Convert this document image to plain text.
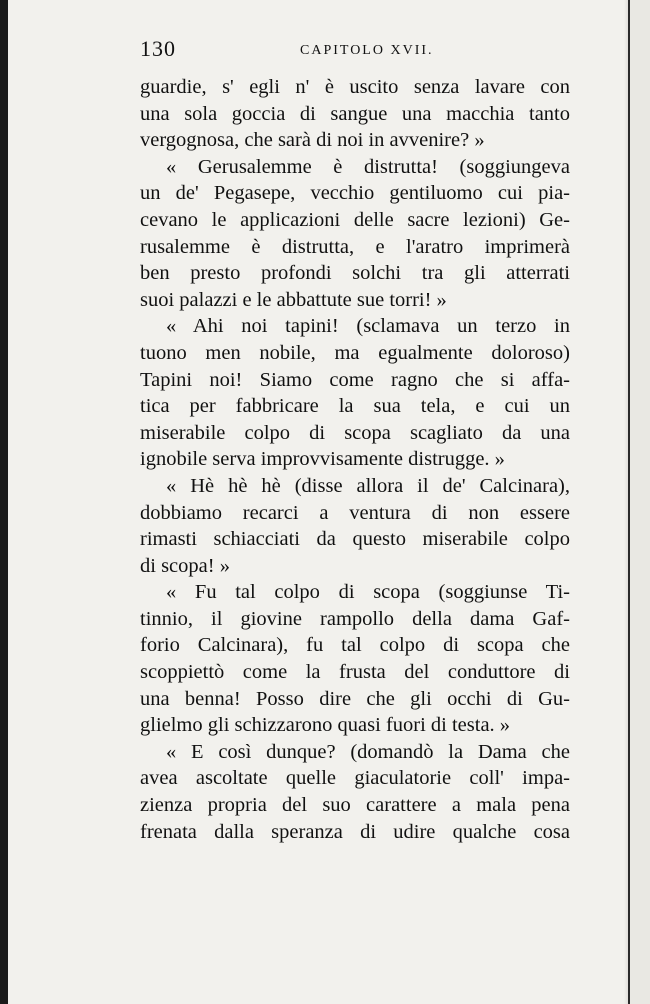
130	CAPITOLO XVII.
guardie, s' egli n' è uscito senza lavare con
una sola goccia di sangue una macchia tanto
vergognosa, che sarà di noi in avvenire? »
« Gerusalemme è distrutta! (soggiungeva
un de' Pegasepe, vecchio gentiluomo cui pia-
cevano le applicazioni delle sacre lezioni) Ge-
rusalemme è distrutta, e l'aratro imprimerà
ben presto profondi solchi tra gli atterrati
suoi palazzi e le abbattute sue torri! »
« Ahi noi tapini! (sclamava un terzo in
tuono men nobile, ma egualmente doloroso)
Tapini noi! Siamo come ragno che si affa-
tica per fabbricare la sua tela, e cui un
miserabile colpo di scopa scagliato da una
ignobile serva improvvisamente distrugge. »
« Hè hè hè (disse allora il de' Calcinara),
dobbiamo recarci a ventura di non essere
rimasti schiacciati da questo miserabile colpo
di scopa! »
« Fu tal colpo di scopa (soggiunse Ti-
tinnio, il giovine rampollo della dama Gaf-
forio Calcinara), fu tal colpo di scopa che
scoppiettò come la frusta del conduttore di
una benna! Posso dire che gli occhi di Gu-
glielmo gli schizzarono quasi fuori di testa. »
« E così dunque? (domandò la Dama che
avea ascoltate quelle giaculatorie coll' impa-
zienza propria del suo carattere a mala pena
frenata dalla speranza di udire qualche cosa
